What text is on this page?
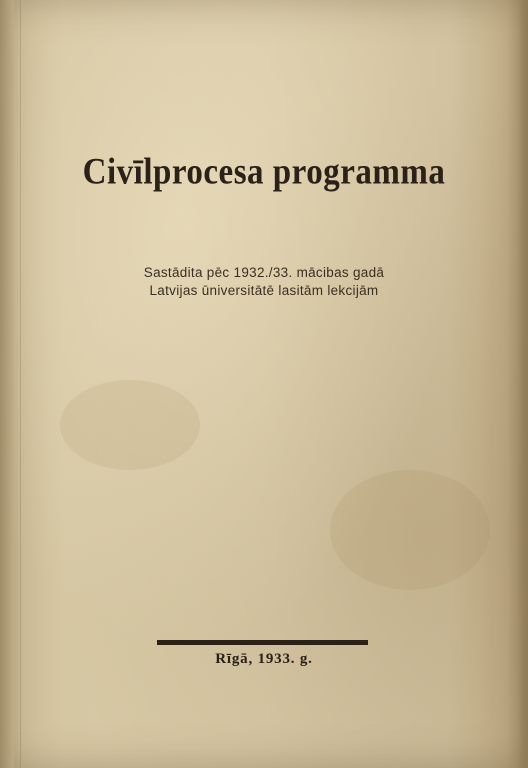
Civīlprocesa programma
Sastādita pēc 1932./33. mācibas gadā
Latvijas ūniversitātē lasitām lekcijām
Rīgā, 1933. g.
